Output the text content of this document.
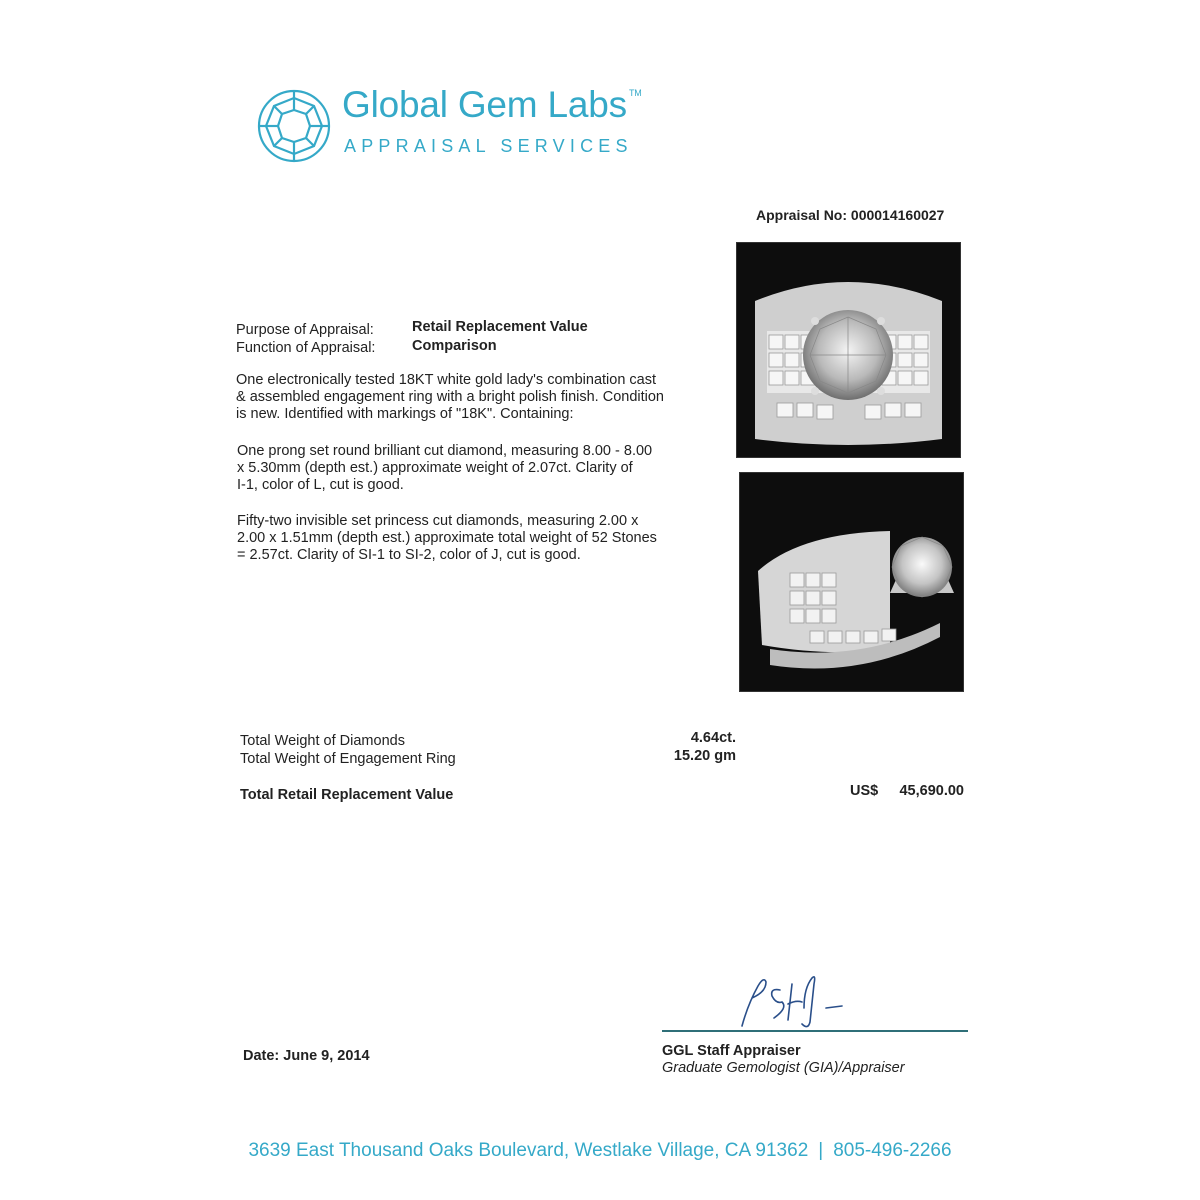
Global Gem Labs ™
APPRAISAL SERVICES
Appraisal No: 000014160027
Purpose of Appraisal:	Retail Replacement Value
Function of Appraisal:	Comparison
One electronically tested 18KT white gold lady's combination cast
& assembled engagement ring with a bright polish finish. Condition
is new. Identified with markings of "18K". Containing:
One prong set round brilliant cut diamond, measuring 8.00 - 8.00
x 5.30mm (depth est.) approximate weight of 2.07ct. Clarity of
I-1, color of L, cut is good.
Fifty-two invisible set princess cut diamonds, measuring 2.00 x
2.00 x 1.51mm (depth est.) approximate total weight of 52 Stones
= 2.57ct. Clarity of SI-1 to SI-2, color of J, cut is good.
Total Weight of Diamonds	4.64ct.
Total Weight of Engagement Ring	15.20 gm
Total Retail Replacement Value	US$	45,690.00
GGL Staff Appraiser
Graduate Gemologist (GIA)/Appraiser
Date: June 9, 2014
3639 East Thousand Oaks Boulevard, Westlake Village, CA 91362 | 805-496-2266
